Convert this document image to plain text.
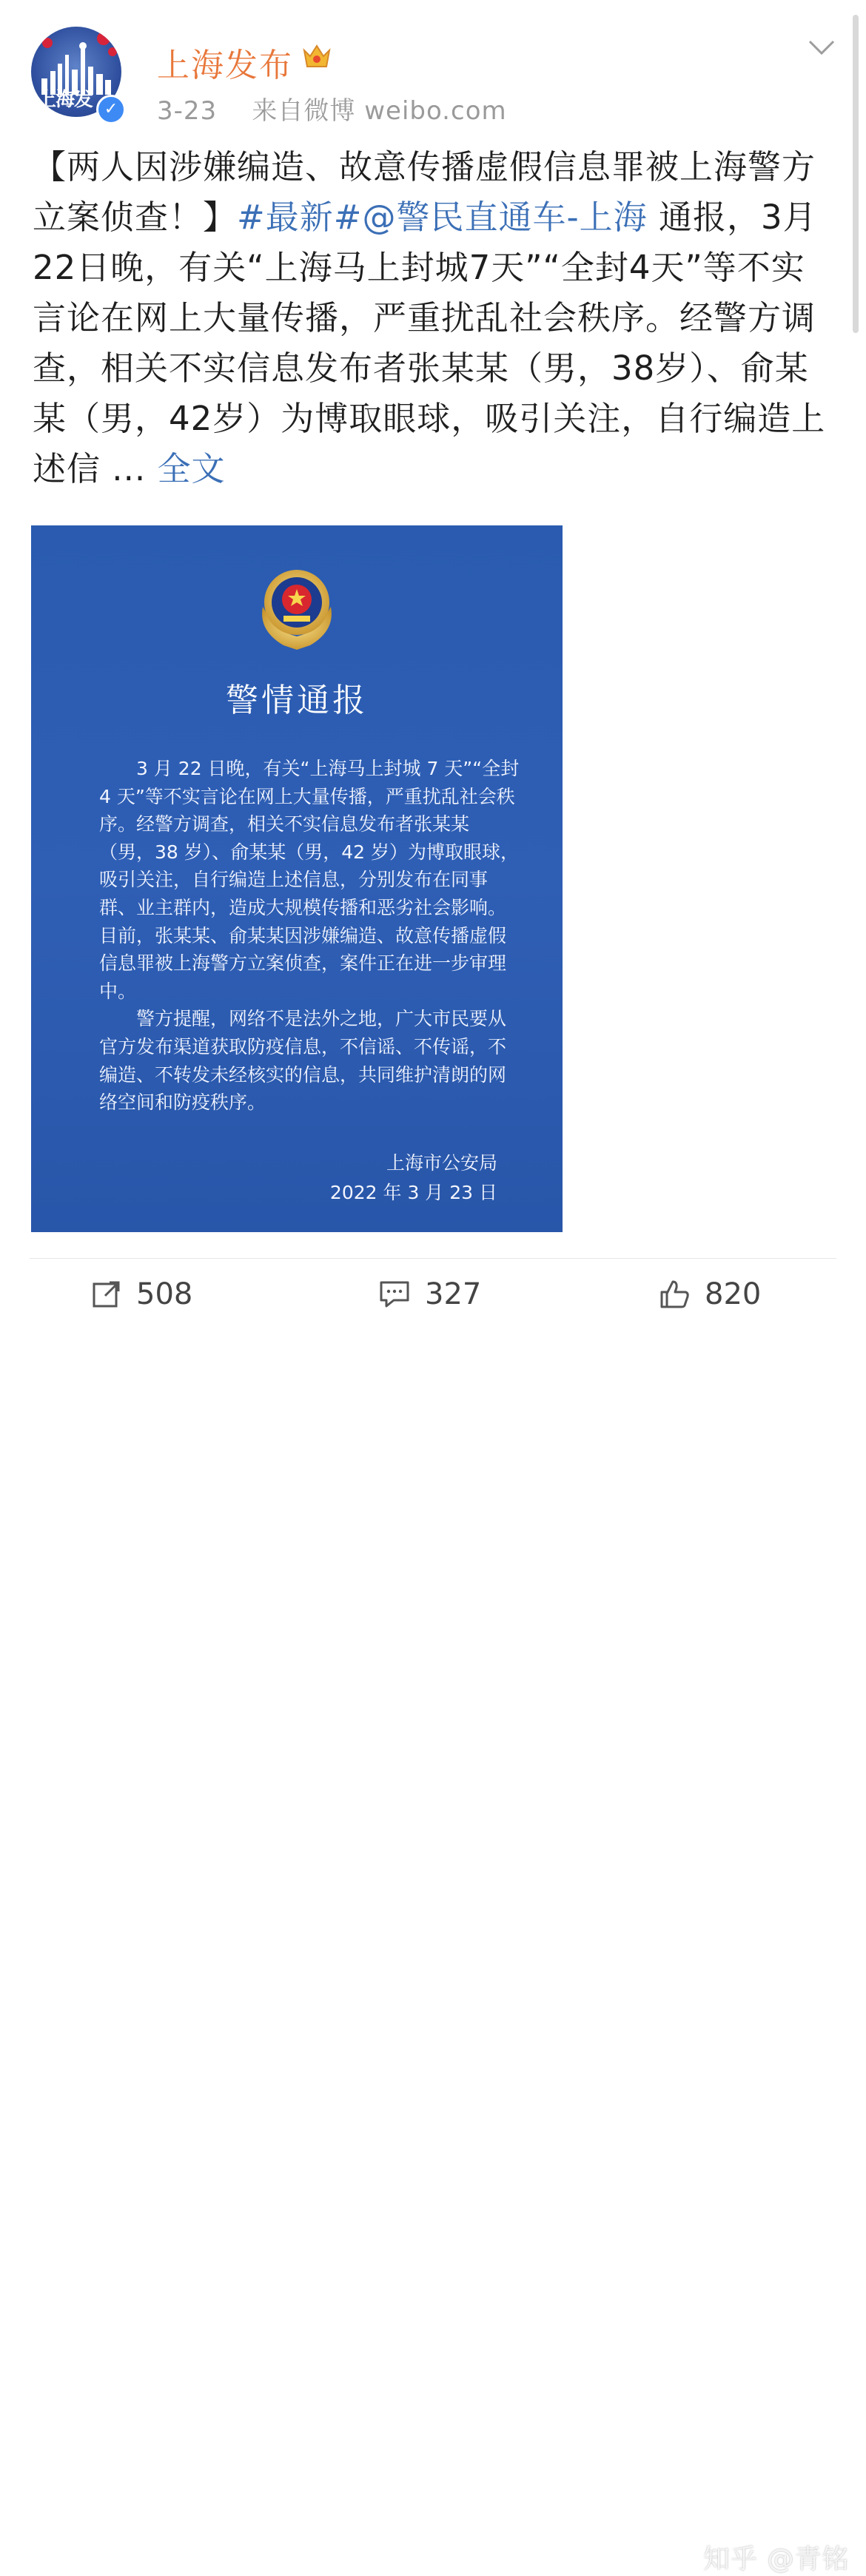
上海发 ✓
上海发布
3-23 来自微博 weibo.com

【两人因涉嫌编造、故意传播虚假信息罪被上海警方立案侦查！】#最新#@警民直通车-上海 通报，3月22日晚，有关“上海马上封城7天”“全封4天”等不实言论在网上大量传播，严重扰乱社会秩序。经警方调查，相关不实信息发布者张某某（男，38岁）、俞某某（男，42岁）为博取眼球，吸引关注，自行编造上述信 ... 全文

警情通报

3 月 22 日晚，有关“上海马上封城 7 天”“全封 4 天”等不实言论在网上大量传播，严重扰乱社会秩序。经警方调查，相关不实信息发布者张某某（男，38 岁）、俞某某（男，42 岁）为博取眼球，吸引关注，自行编造上述信息，分别发布在同事群、业主群内，造成大规模传播和恶劣社会影响。目前，张某某、俞某某因涉嫌编造、故意传播虚假信息罪被上海警方立案侦查，案件正在进一步审理中。

警方提醒，网络不是法外之地，广大市民要从官方发布渠道获取防疫信息，不信谣、不传谣，不编造、不转发未经核实的信息，共同维护清朗的网络空间和防疫秩序。

上海市公安局
2022 年 3 月 23 日
508	327	820
知乎 @青铭
